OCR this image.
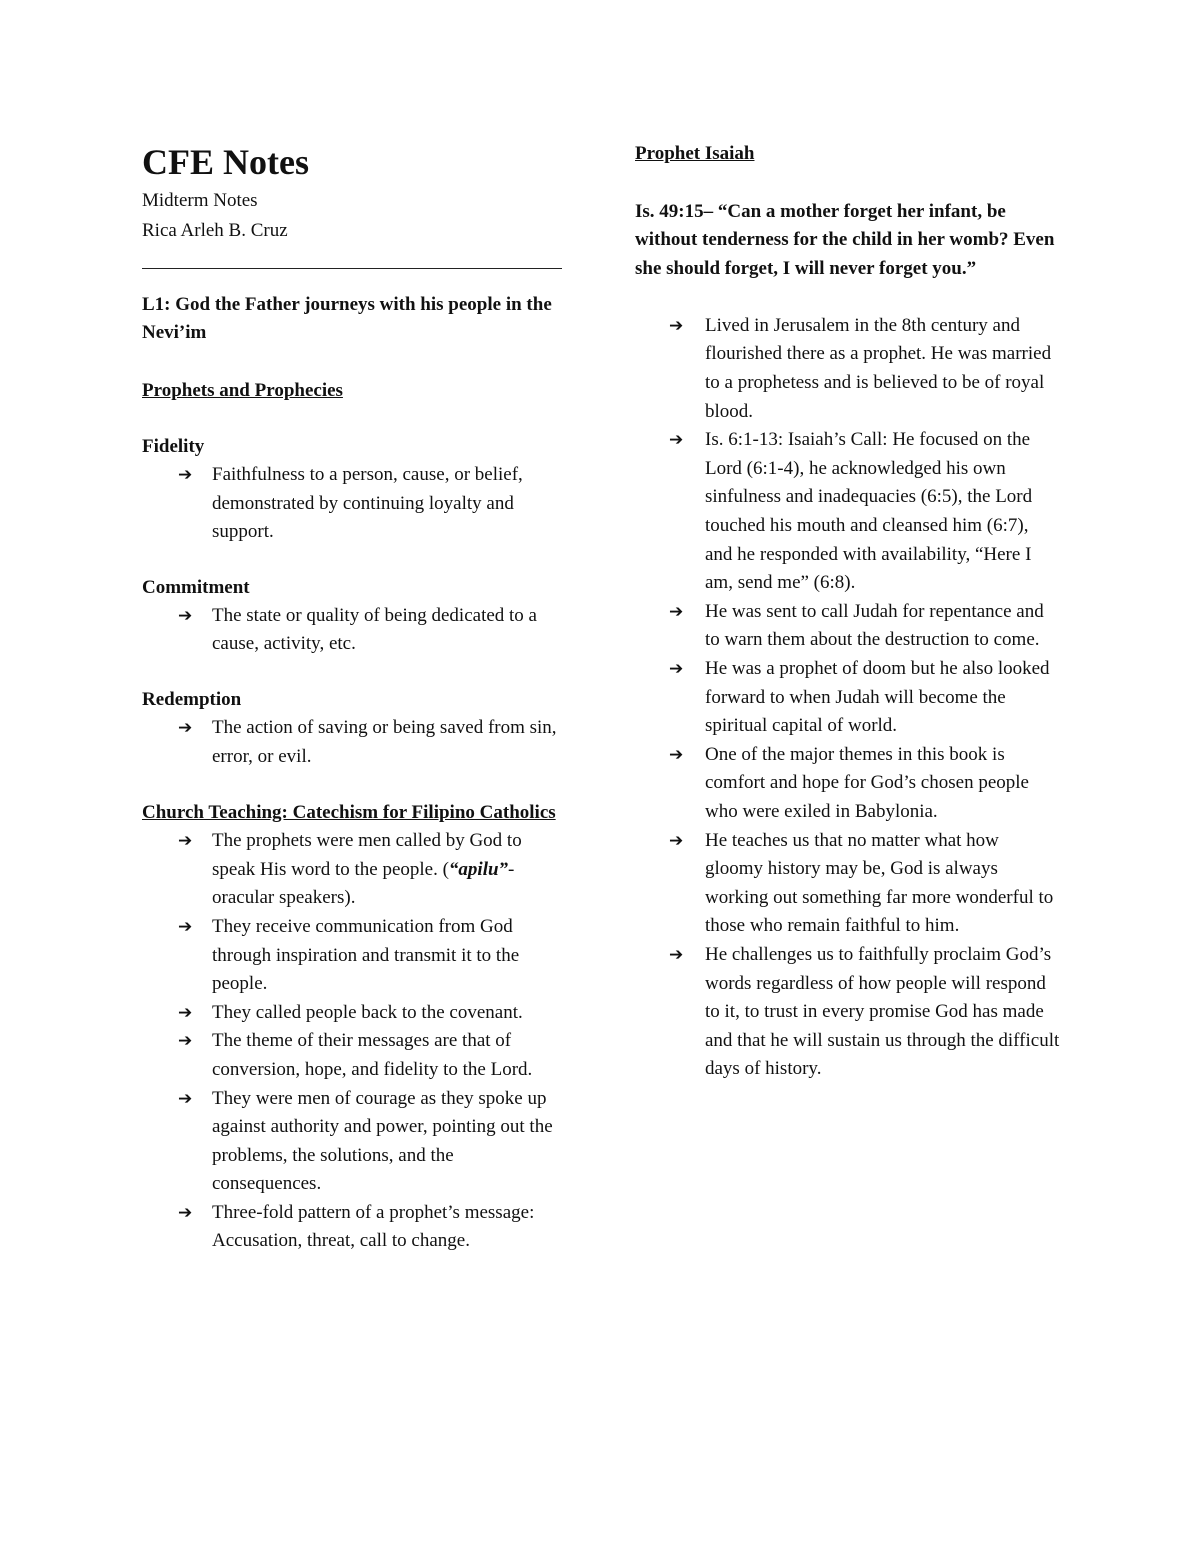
CFE Notes

Midterm Notes

Rica Arleh B. Cruz

L1: God the Father journeys with his people in the Nevi’im

Prophets and Prophecies

Fidelity

➔ Faithfulness to a person, cause, or belief, demonstrated by continuing loyalty and support.

Commitment

➔ The state or quality of being dedicated to a cause, activity, etc.

Redemption

➔ The action of saving or being saved from sin, error, or evil.

Church Teaching: Catechism for Filipino Catholics

➔ The prophets were men called by God to speak His word to the people. (“apilu”- oracular speakers).
➔ They receive communication from God through inspiration and transmit it to the people.
➔ They called people back to the covenant.
➔ The theme of their messages are that of conversion, hope, and fidelity to the Lord.
➔ They were men of courage as they spoke up against authority and power, pointing out the problems, the solutions, and the consequences.
➔ Three-fold pattern of a prophet’s message: Accusation, threat, call to change.

Prophet Isaiah

Is. 49:15– “Can a mother forget her infant, be without tenderness for the child in her womb? Even she should forget, I will never forget you.”

➔ Lived in Jerusalem in the 8th century and flourished there as a prophet. He was married to a prophetess and is believed to be of royal blood.
➔ Is. 6:1-13: Isaiah’s Call: He focused on the Lord (6:1-4), he acknowledged his own sinfulness and inadequacies (6:5), the Lord touched his mouth and cleansed him (6:7), and he responded with availability, “Here I am, send me” (6:8).
➔ He was sent to call Judah for repentance and to warn them about the destruction to come.
➔ He was a prophet of doom but he also looked forward to when Judah will become the spiritual capital of world.
➔ One of the major themes in this book is comfort and hope for God’s chosen people who were exiled in Babylonia.
➔ He teaches us that no matter what how gloomy history may be, God is always working out something far more wonderful to those who remain faithful to him.
➔ He challenges us to faithfully proclaim God’s words regardless of how people will respond to it, to trust in every promise God has made and that he will sustain us through the difficult days of history.
